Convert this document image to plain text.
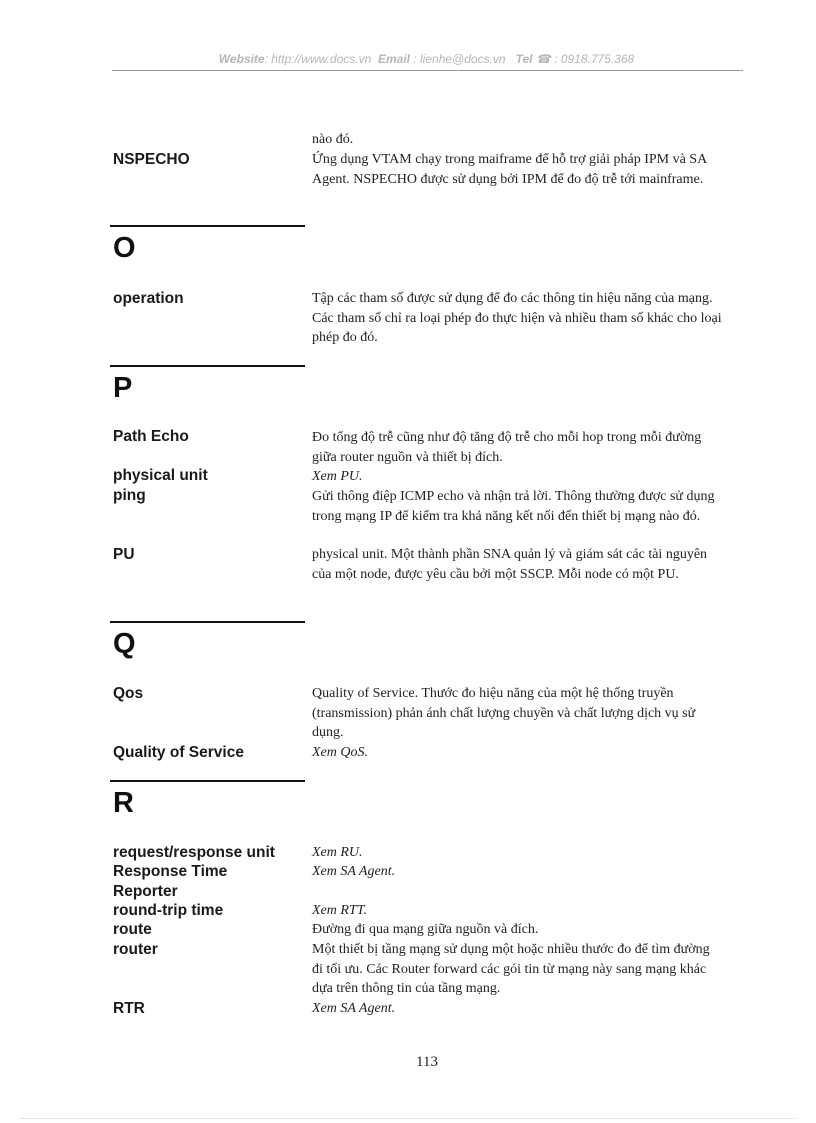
Website: http://www.docs.vn Email : lienhe@docs.vn Tel ☎ : 0918.775.368
nào đó.
NSPECHO	Ứng dụng VTAM chạy trong maiframe để hỗ trợ giải pháp IPM và SA Agent. NSPECHO được sử dụng bởi IPM để đo độ trễ tới mainframe.
O
operation	Tập các tham số được sử dụng để đo các thông tin hiệu năng của mạng. Các tham số chỉ ra loại phép đo thực hiện và nhiều tham số khác cho loại phép đo đó.
P
Path Echo	Đo tổng độ trễ cũng như độ tăng độ trễ cho mỗi hop trong mỗi đường giữa router nguồn và thiết bị đích.
physical unit	Xem PU.
ping	Gửi thông điệp ICMP echo và nhận trả lời. Thông thường được sử dụng trong mạng IP để kiểm tra khả năng kết nối đến thiết bị mạng nào đó.
PU	physical unit. Một thành phần SNA quản lý và giám sát các tài nguyên của một node, được yêu cầu bởi một SSCP. Mỗi node có một PU.
Q
Qos	Quality of Service. Thước đo hiệu năng của một hệ thống truyền (transmission) phản ánh chất lượng chuyền và chất lượng dịch vụ sử dụng.
Quality of Service	Xem QoS.
R
request/response unit	Xem RU.
Response Time	Xem SA Agent.
Reporter
round-trip time	Xem RTT.
route	Đường đi qua mạng giữa nguồn và đích.
router	Một thiết bị tầng mạng sử dụng một hoặc nhiều thước đo để tìm đường đi tối ưu. Các Router forward các gói tin từ mạng này sang mạng khác dựa trên thông tin của tầng mạng.
RTR	Xem SA Agent.
113
